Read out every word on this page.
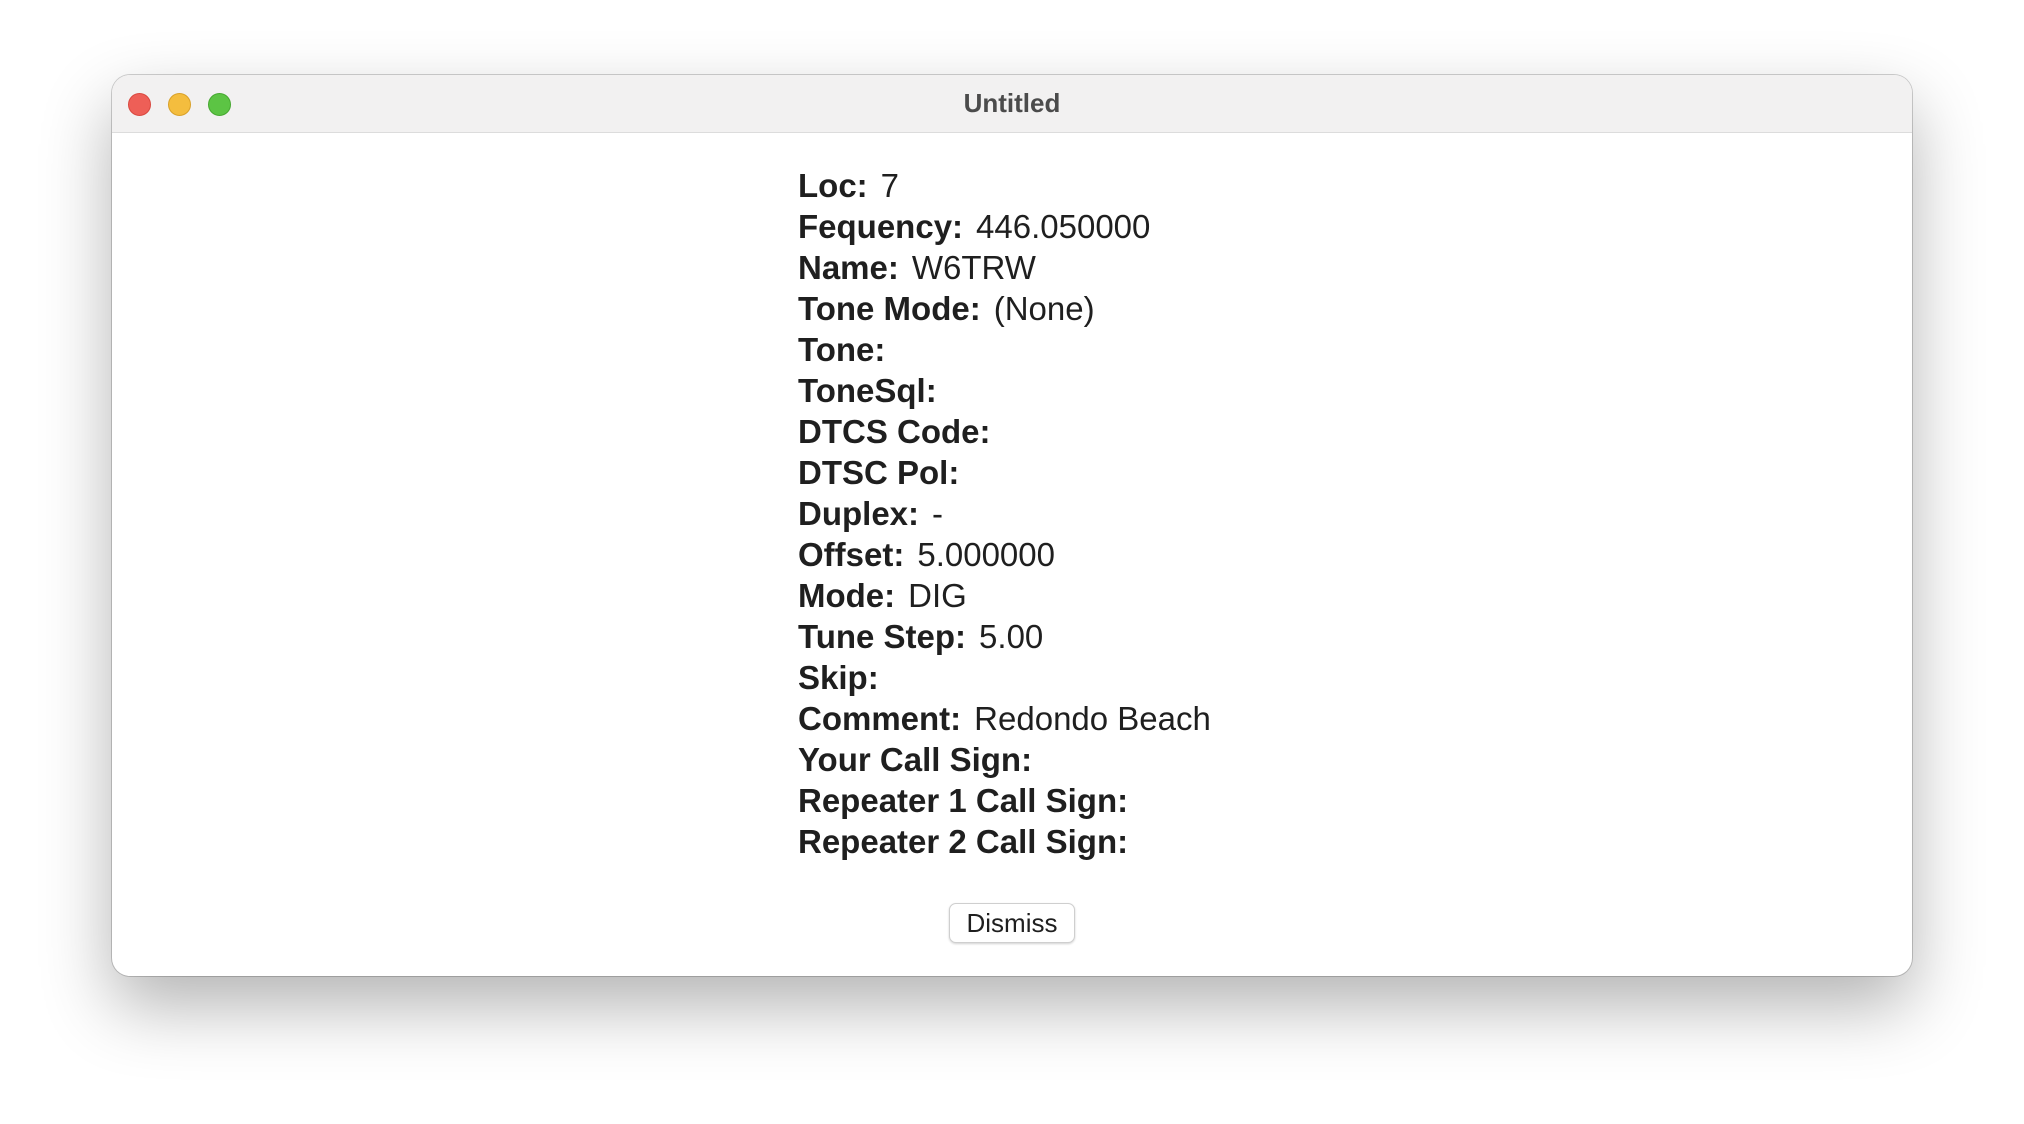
Untitled
Loc: 7
Fequency: 446.050000
Name: W6TRW
Tone Mode: (None)
Tone:
ToneSql:
DTCS Code:
DTSC Pol:
Duplex: -
Offset: 5.000000
Mode: DIG
Tune Step: 5.00
Skip:
Comment: Redondo Beach
Your Call Sign:
Repeater 1 Call Sign:
Repeater 2 Call Sign:
Dismiss
